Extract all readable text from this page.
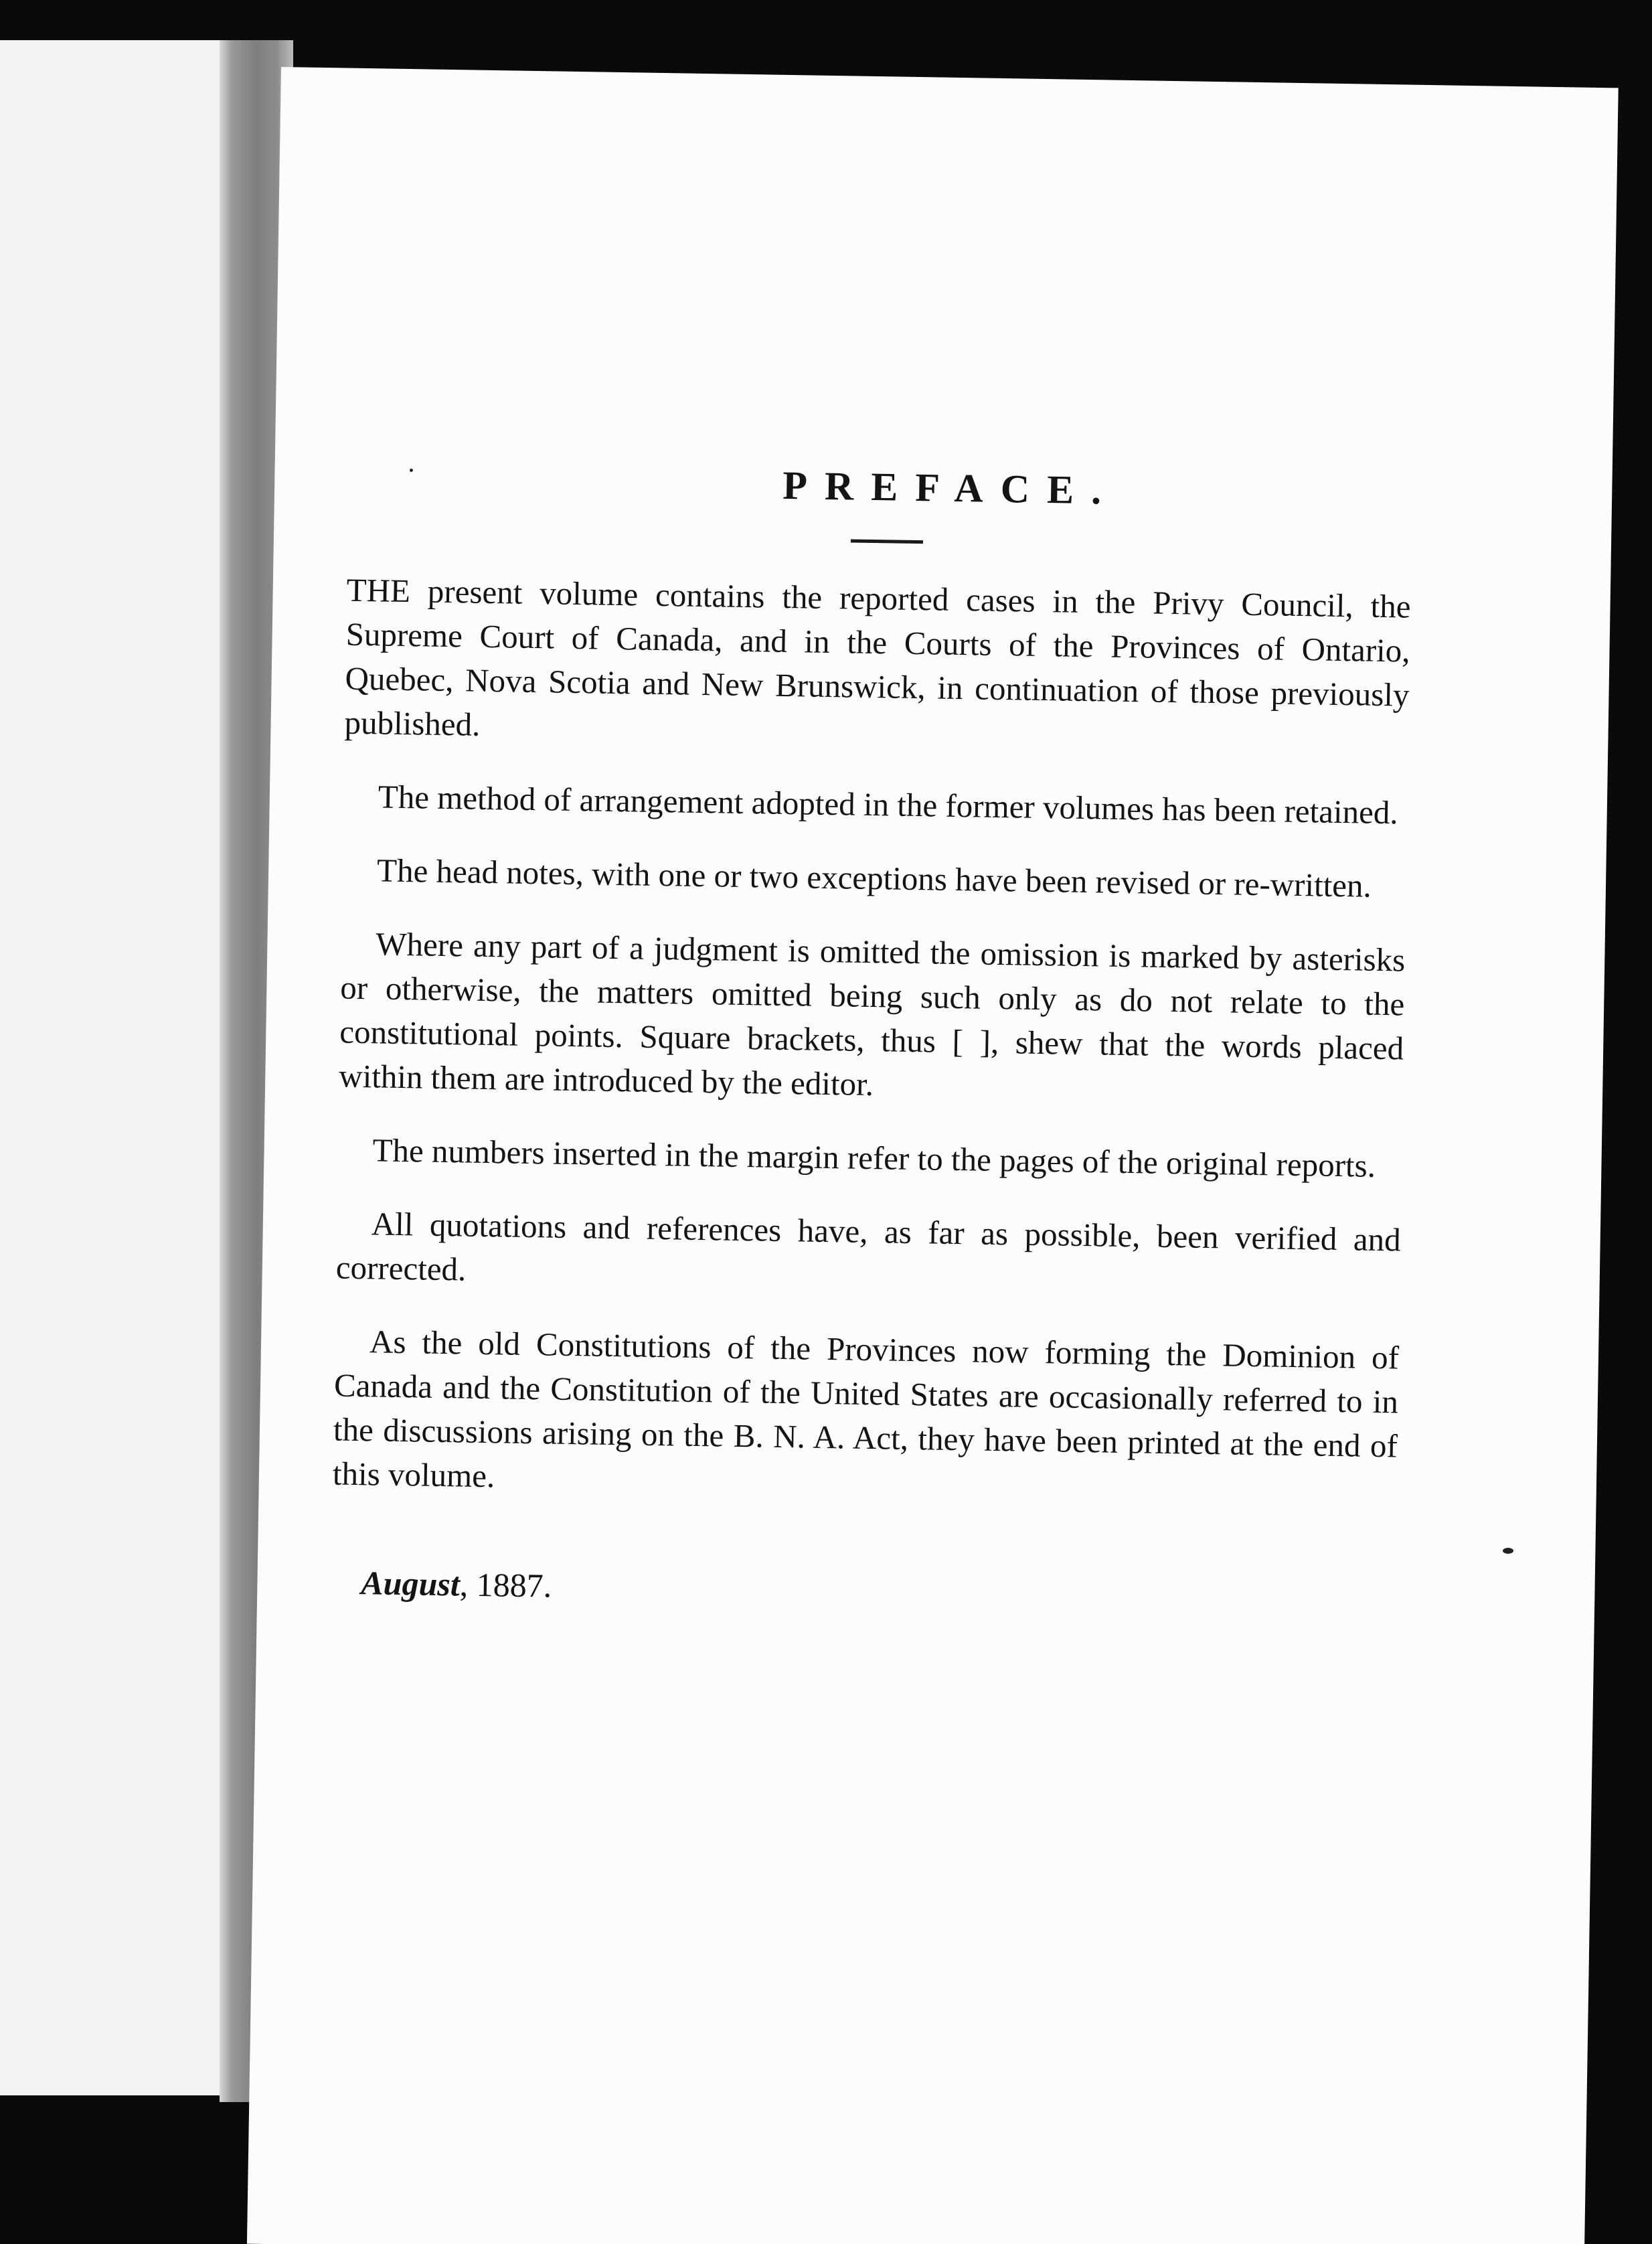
PREFACE.

THE present volume contains the reported cases in the Privy Council, the Supreme Court of Canada, and in the Courts of the Provinces of Ontario, Quebec, Nova Scotia and New Brunswick, in continuation of those previously published.

The method of arrangement adopted in the former volumes has been retained.

The head notes, with one or two exceptions have been revised or re-written.

Where any part of a judgment is omitted the omission is marked by asterisks or otherwise, the matters omitted being such only as do not relate to the constitutional points. Square brackets, thus [ ], shew that the words placed within them are introduced by the editor.

The numbers inserted in the margin refer to the pages of the original reports.

All quotations and references have, as far as possible, been verified and corrected.

As the old Constitutions of the Provinces now forming the Dominion of Canada and the Constitution of the United States are occasionally referred to in the discussions arising on the B. N. A. Act, they have been printed at the end of this volume.

August, 1887.
